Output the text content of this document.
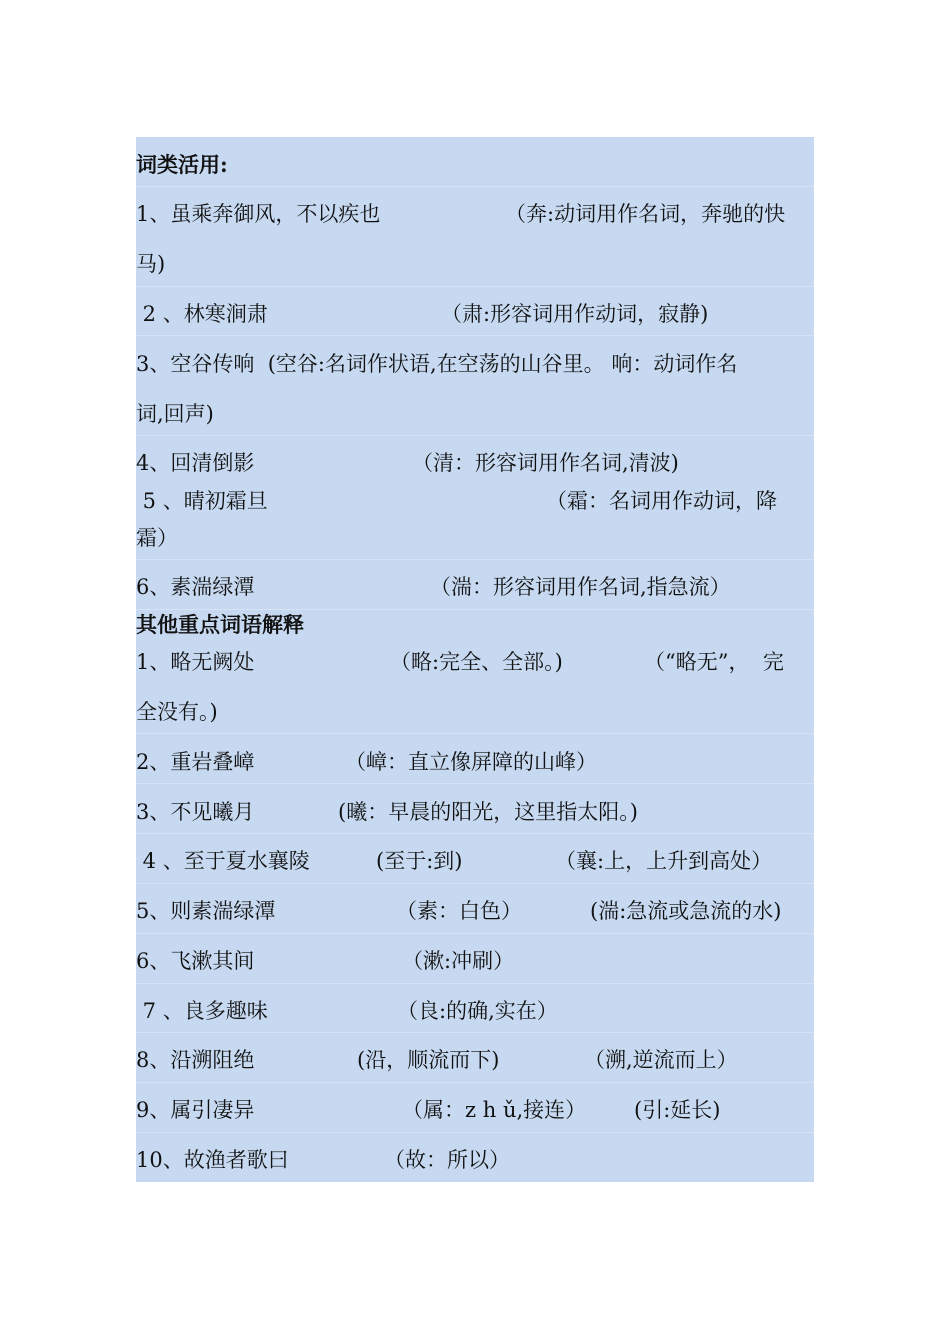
词类活用:
1、虽乘奔御风，不以疾也	（奔:动词用作名词，奔驰的快
马)
2 、林寒涧肃	（肃:形容词用作动词，寂静)
3、空谷传响  (空谷:名词作状语,在空荡的山谷里。 响：动词作名
词,回声)
4、回清倒影	（清：形容词用作名词,清波)
5 、晴初霜旦	（霜：名词用作动词，降
霜）
6、素湍绿潭	（湍：形容词用作名词,指急流）
其他重点词语解释
1、略无阙处	（略:完全、全部。)	（“略无”，  完
全没有。)
2、重岩叠嶂	（嶂：直立像屏障的山峰）
3、不见曦月	(曦：早晨的阳光，这里指太阳。)
4 、至于夏水襄陵	(至于:到)	（襄:上，上升到高处）
5、则素湍绿潭	（素：白色）	(湍:急流或急流的水)
6、飞漱其间	（漱:冲刷）
7 、良多趣味	（良:的确,实在）
8、沿溯阻绝	(沿，顺流而下)	（溯,逆流而上）
9、属引凄异	（属：z h ǔ,接连） (引:延长)
10、故渔者歌曰	（故：所以）
